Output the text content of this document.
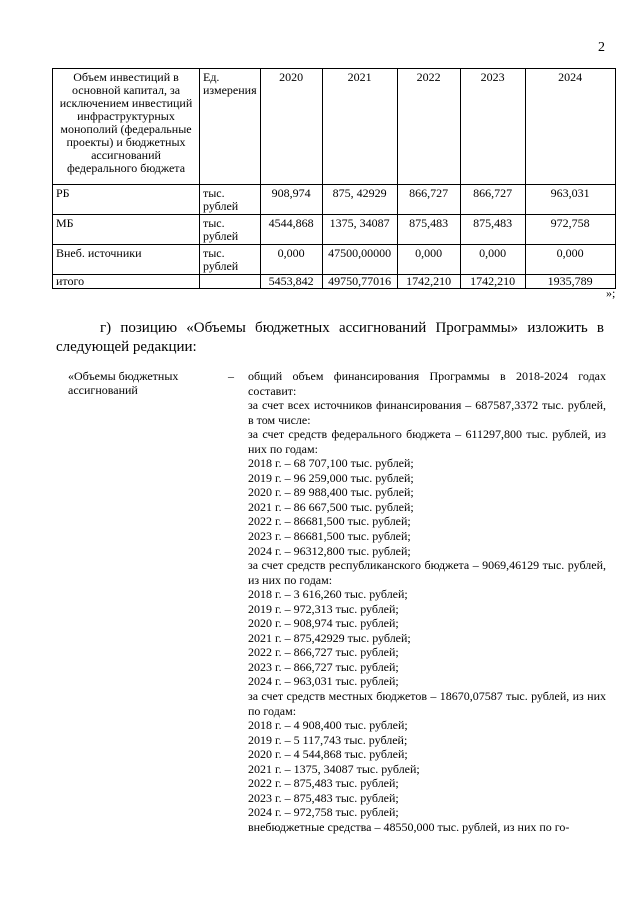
2
Объем инвестиций в основной капитал, за исключением инвестиций инфраструктурных монополий (федеральные проекты) и бюджетных ассигнований федерального бюджета	Ед. измерения	2020	2021	2022	2023	2024
РБ	тыс. рублей	908,974	875, 42929	866,727	866,727	963,031
МБ	тыс. рублей	4544,868	1375, 34087	875,483	875,483	972,758
Внеб. источники	тыс. рублей	0,000	47500,00000	0,000	0,000	0,000
итого		5453,842	49750,77016	1742,210	1742,210	1935,789
»;
г) позицию «Объемы бюджетных ассигнований Программы» изложить в следующей редакции:
«Объемы бюджетных ассигнований
– общий объем финансирования Программы в 2018-2024 годах составит:
за счет всех источников финансирования – 687587,3372 тыс. рублей, в том числе:
за счет средств федерального бюджета – 611297,800 тыс. рублей, из них по годам:
2018 г. – 68 707,100 тыс. рублей;
2019 г. – 96 259,000 тыс. рублей;
2020 г. – 89 988,400 тыс. рублей;
2021 г. – 86 667,500 тыс. рублей;
2022 г. – 86681,500 тыс. рублей;
2023 г. – 86681,500 тыс. рублей;
2024 г. – 96312,800 тыс. рублей;
за счет средств республиканского бюджета – 9069,46129 тыс. рублей, из них по годам:
2018 г. – 3 616,260 тыс. рублей;
2019 г. – 972,313 тыс. рублей;
2020 г. – 908,974 тыс. рублей;
2021 г. – 875,42929 тыс. рублей;
2022 г. – 866,727 тыс. рублей;
2023 г. – 866,727 тыс. рублей;
2024 г. – 963,031 тыс. рублей;
за счет средств местных бюджетов – 18670,07587 тыс. рублей, из них по годам:
2018 г. – 4 908,400 тыс. рублей;
2019 г. – 5 117,743 тыс. рублей;
2020 г. – 4 544,868 тыс. рублей;
2021 г. – 1375, 34087 тыс. рублей;
2022 г. – 875,483 тыс. рублей;
2023 г. – 875,483 тыс. рублей;
2024 г. – 972,758 тыс. рублей;
внебюджетные средства – 48550,000 тыс. рублей, из них по го-
